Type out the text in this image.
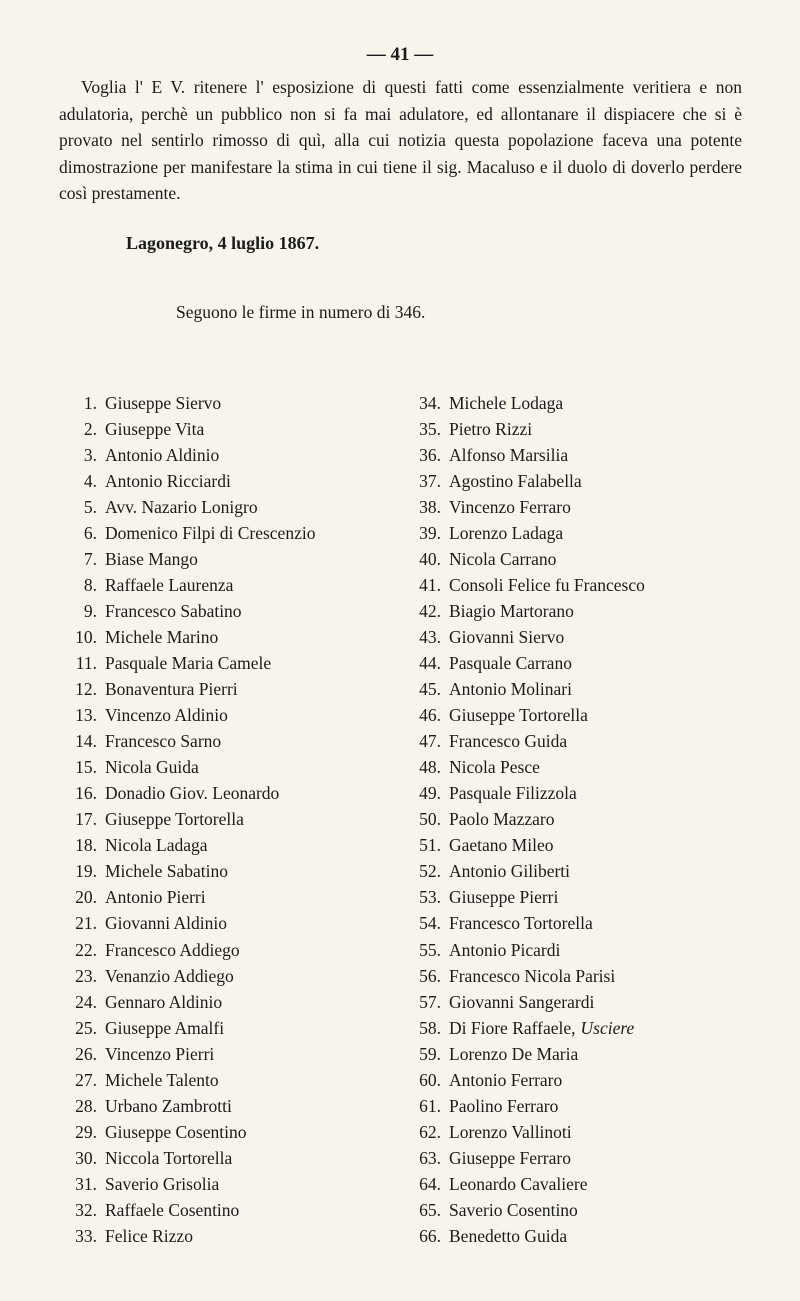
— 41 —

Voglia l' E V. ritenere l' esposizione di questi fatti come essenzialmente veritiera e non adulatoria, perchè un pubblico non si fa mai adulatore, ed allontanare il dispiacere che si è provato nel sentirlo rimosso di quì, alla cui notizia questa popolazione faceva una potente dimostrazione per manifestare la stima in cui tiene il sig. Macaluso e il duolo di doverlo perdere così prestamente.

Lagonegro, 4 luglio 1867.
Seguono le firme in numero di 346.
1. Giuseppe Siervo
2. Giuseppe Vita
3. Antonio Aldinio
4. Antonio Ricciardi
5. Avv. Nazario Lonigro
6. Domenico Filpi di Crescenzio
7. Biase Mango
8. Raffaele Laurenza
9. Francesco Sabatino
10. Michele Marino
11. Pasquale Maria Camele
12. Bonaventura Pierri
13. Vincenzo Aldinio
14. Francesco Sarno
15. Nicola Guida
16. Donadio Giov. Leonardo
17. Giuseppe Tortorella
18. Nicola Ladaga
19. Michele Sabatino
20. Antonio Pierri
21. Giovanni Aldinio
22. Francesco Addiego
23. Venanzio Addiego
24. Gennaro Aldinio
25. Giuseppe Amalfi
26. Vincenzo Pierri
27. Michele Talento
28. Urbano Zambrotti
29. Giuseppe Cosentino
30. Niccola Tortorella
31. Saverio Grisolia
32. Raffaele Cosentino
33. Felice Rizzo
34. Michele Lodaga
35. Pietro Rizzi
36. Alfonso Marsilia
37. Agostino Falabella
38. Vincenzo Ferraro
39. Lorenzo Ladaga
40. Nicola Carrano
41. Consoli Felice fu Francesco
42. Biagio Martorano
43. Giovanni Siervo
44. Pasquale Carrano
45. Antonio Molinari
46. Giuseppe Tortorella
47. Francesco Guida
48. Nicola Pesce
49. Pasquale Filizzola
50. Paolo Mazzaro
51. Gaetano Mileo
52. Antonio Giliberti
53. Giuseppe Pierri
54. Francesco Tortorella
55. Antonio Picardi
56. Francesco Nicola Parisi
57. Giovanni Sangerardi
58. Di Fiore Raffaele, Usciere
59. Lorenzo De Maria
60. Antonio Ferraro
61. Paolino Ferraro
62. Lorenzo Vallinoti
63. Giuseppe Ferraro
64. Leonardo Cavaliere
65. Saverio Cosentino
66. Benedetto Guida
